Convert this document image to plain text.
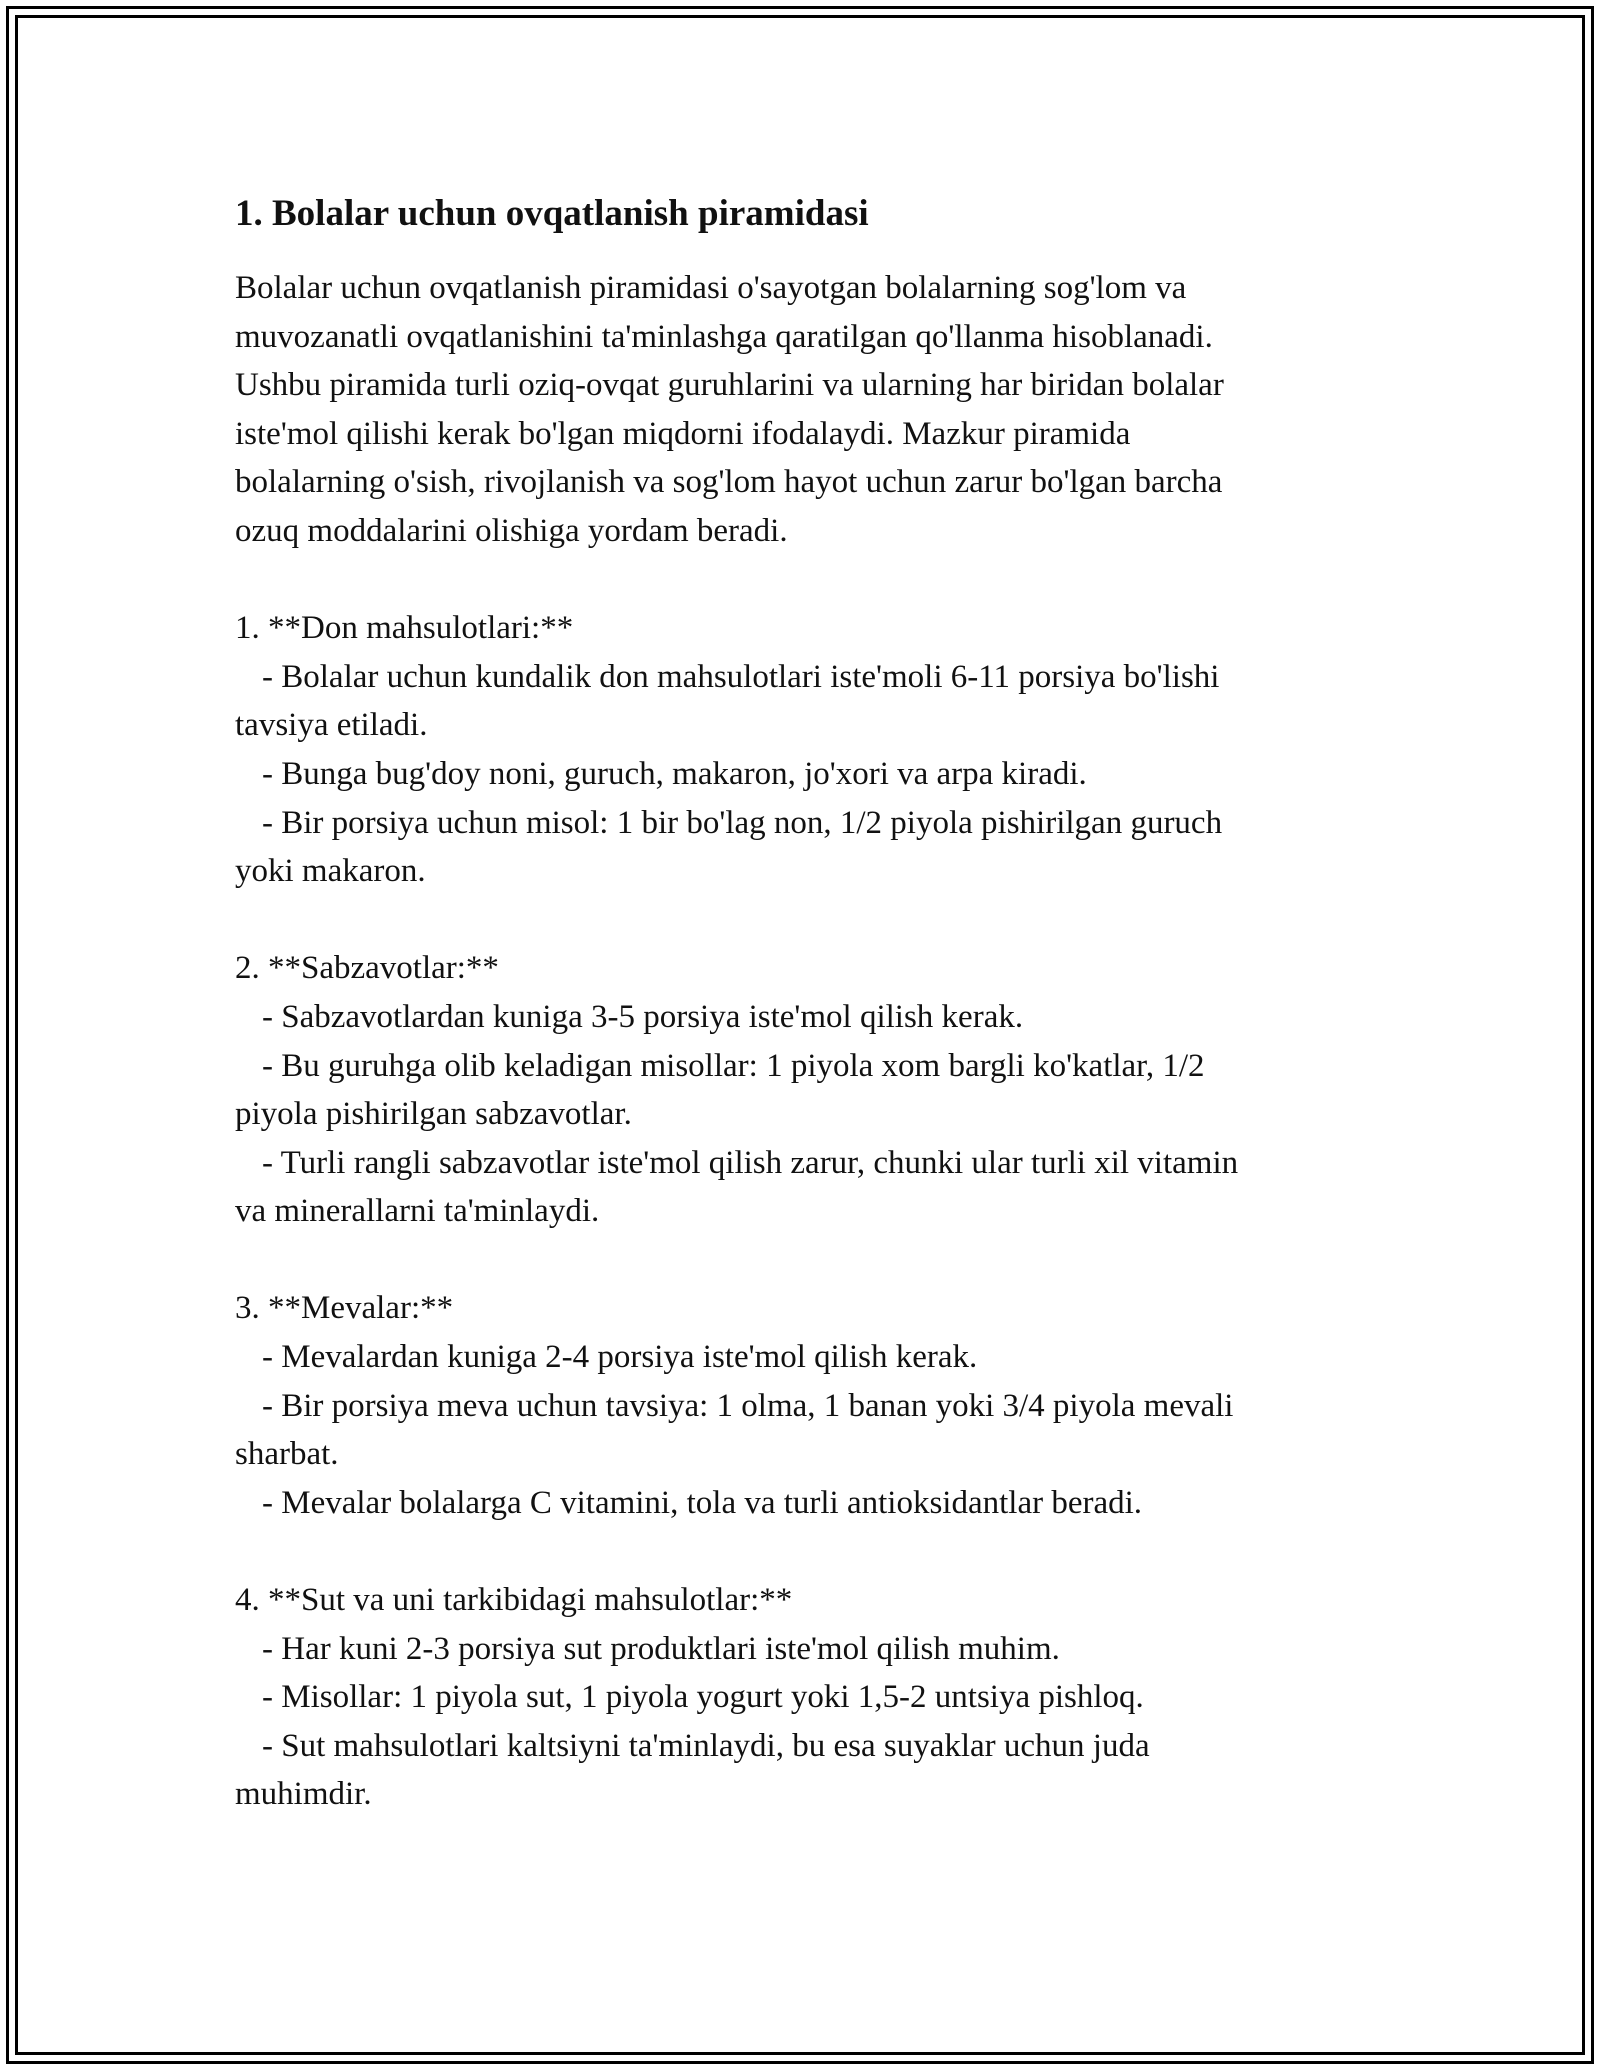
1. Bolalar uchun ovqatlanish piramidasi
Bolalar uchun ovqatlanish piramidasi o'sayotgan bolalarning sog'lom va
muvozanatli ovqatlanishini ta'minlashga qaratilgan qo'llanma hisoblanadi.
Ushbu piramida turli oziq-ovqat guruhlarini va ularning har biridan bolalar
iste'mol qilishi kerak bo'lgan miqdorni ifodalaydi. Mazkur piramida
bolalarning o'sish, rivojlanish va sog'lom hayot uchun zarur bo'lgan barcha
ozuq moddalarini olishiga yordam beradi.
1. **Don mahsulotlari:**
- Bolalar uchun kundalik don mahsulotlari iste'moli 6-11 porsiya bo'lishi
tavsiya etiladi.
- Bunga bug'doy noni, guruch, makaron, jo'xori va arpa kiradi.
- Bir porsiya uchun misol: 1 bir bo'lag non, 1/2 piyola pishirilgan guruch
yoki makaron.
2. **Sabzavotlar:**
- Sabzavotlardan kuniga 3-5 porsiya iste'mol qilish kerak.
- Bu guruhga olib keladigan misollar: 1 piyola xom bargli ko'katlar, 1/2
piyola pishirilgan sabzavotlar.
- Turli rangli sabzavotlar iste'mol qilish zarur, chunki ular turli xil vitamin
va minerallarni ta'minlaydi.
3. **Mevalar:**
- Mevalardan kuniga 2-4 porsiya iste'mol qilish kerak.
- Bir porsiya meva uchun tavsiya: 1 olma, 1 banan yoki 3/4 piyola mevali
sharbat.
- Mevalar bolalarga C vitamini, tola va turli antioksidantlar beradi.
4. **Sut va uni tarkibidagi mahsulotlar:**
- Har kuni 2-3 porsiya sut produktlari iste'mol qilish muhim.
- Misollar: 1 piyola sut, 1 piyola yogurt yoki 1,5-2 untsiya pishloq.
- Sut mahsulotlari kaltsiyni ta'minlaydi, bu esa suyaklar uchun juda
muhimdir.
